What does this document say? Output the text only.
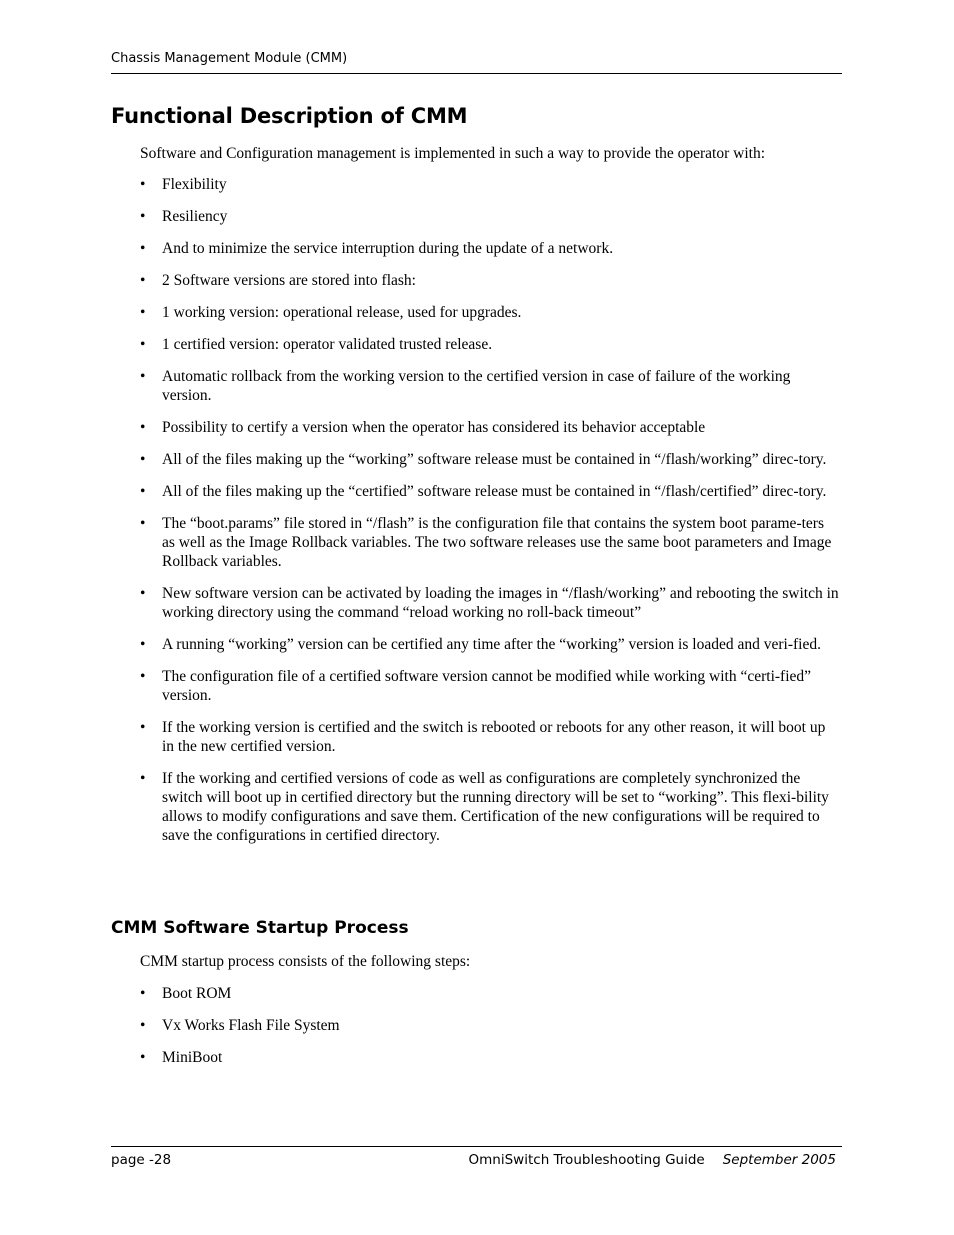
Chassis Management Module (CMM)
Functional Description of CMM
Software and Configuration management is implemented in such a way to provide the operator with:
•	Flexibility
•	Resiliency
•	And to minimize the service interruption during the update of a network.
•	2 Software versions are stored into flash:
•	1 working version: operational release, used for upgrades.
•	1 certified version: operator validated trusted release.
•	Automatic rollback from the working version to the certified version in case of failure of the working version.
•	Possibility to certify a version when the operator has considered its behavior acceptable
•	All of the files making up the “working” software release must be contained in “/flash/working” direc-tory.
•	All of the files making up the “certified” software release must be contained in “/flash/certified” direc-tory.
•	The “boot.params” file stored in “/flash” is the configuration file that contains the system boot parame-ters as well as the Image Rollback variables. The two software releases use the same boot parameters and Image Rollback variables.
•	New software version can be activated by loading the images in “/flash/working” and rebooting the switch in working directory using the command “reload working no roll-back timeout”
•	A running “working” version can be certified any time after the “working” version is loaded and veri-fied.
•	The configuration file of a certified software version cannot be modified while working with “certi-fied” version.
•	If the working version is certified and the switch is rebooted or reboots for any other reason, it will boot up in the new certified version.
•	If the working and certified versions of code as well as configurations are completely synchronized the switch will boot up in certified directory but the running directory will be set to “working”. This flexi-bility allows to modify configurations and save them. Certification of the new configurations will be required to save the configurations in certified directory.
CMM Software Startup Process
CMM startup process consists of the following steps:
•	Boot ROM
•	Vx Works Flash File System
•	MiniBoot
page -28	OmniSwitch Troubleshooting Guide September 2005
